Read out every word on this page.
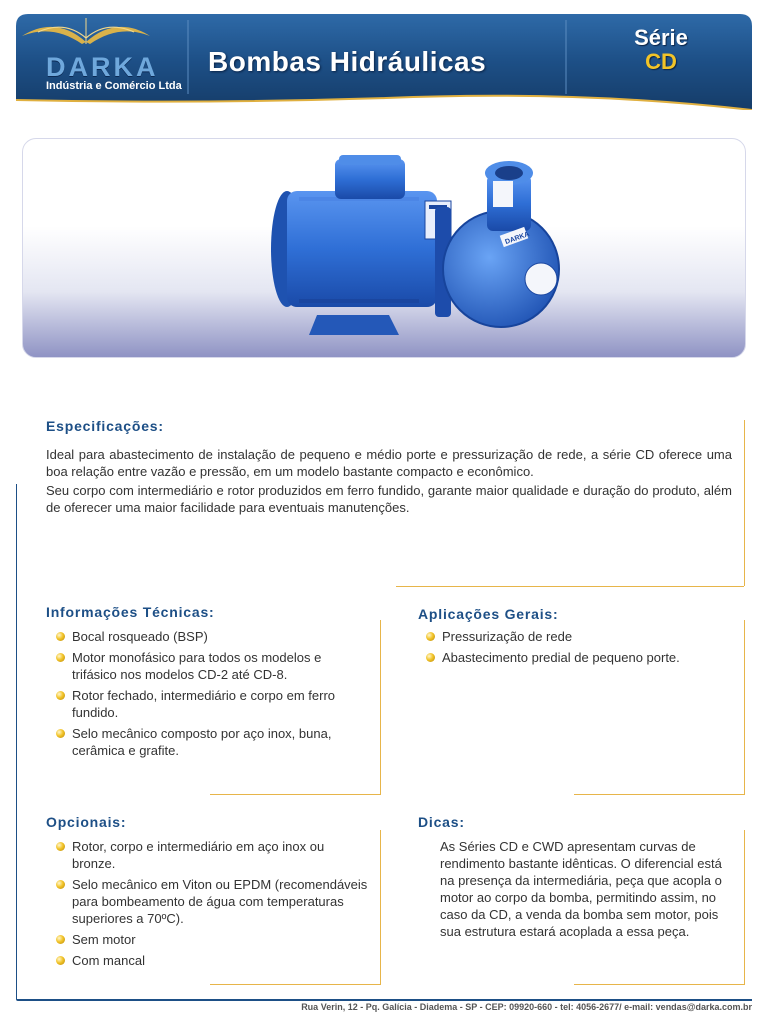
DARKA
Indústria e Comércio Ltda
Bombas Hidráulicas
Série
CD
DARKA
Especificações:

Ideal para abastecimento de instalação de pequeno e médio porte e pressurização de rede, a série CD oferece uma boa relação entre vazão e pressão, em um modelo bastante compacto e econômico.

Seu corpo com intermediário e rotor produzidos em ferro fundido, garante maior qualidade e duração do produto, além de oferecer uma maior facilidade para eventuais manutenções.

Informações Técnicas:
Bocal rosqueado (BSP)
Motor monofásico para todos os modelos e trifásico nos modelos CD-2 até CD-8.
Rotor fechado, intermediário e corpo em ferro fundido.
Selo mecânico composto por aço inox, buna, cerâmica e grafite.
Aplicações Gerais:
Pressurização de rede
Abastecimento predial de pequeno porte.
Opcionais:
Rotor, corpo e intermediário em aço inox ou bronze.
Selo mecânico em Viton ou EPDM (recomendáveis para bombeamento de água com temperaturas superiores a 70ºC).
Sem motor
Com mancal
Dicas:

As Séries CD e CWD apresentam curvas de rendimento bastante idênticas. O diferencial está na presença da intermediária, peça que acopla o motor ao corpo da bomba, permitindo assim, no caso da CD, a venda da bomba sem motor, pois sua estrutura estará acoplada a essa peça.

Rua Verin, 12 - Pq. Galícia - Diadema - SP - CEP: 09920-660 - tel: 4056-2677/ e-mail: vendas@darka.com.br
